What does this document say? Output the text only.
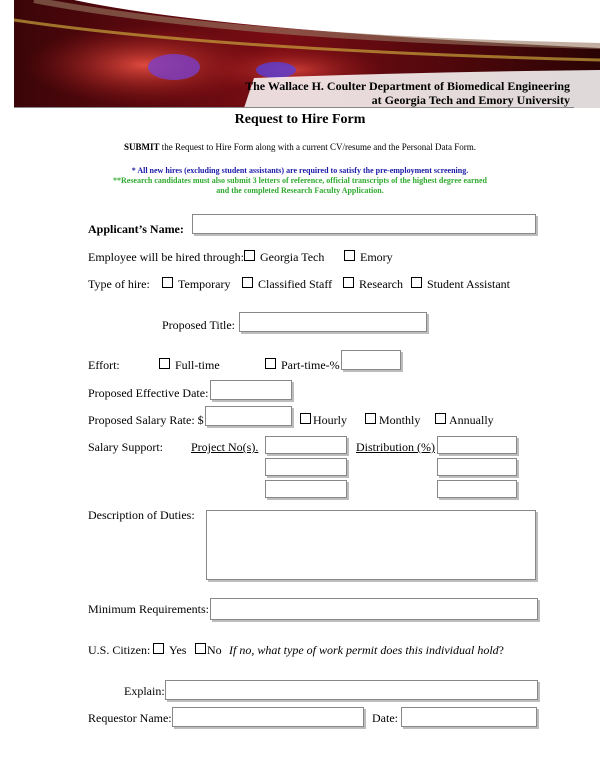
The Wallace H. Coulter Department of Biomedical Engineering
at Georgia Tech and Emory University
Request to Hire Form
SUBMIT the Request to Hire Form along with a current CV/resume and the Personal Data Form.
* All new hires (excluding student assistants) are required to satisfy the pre-employment screening.
**Research candidates must also submit 3 letters of reference, official transcripts of the highest degree earned
and the completed Research Faculty Application.
Applicant’s Name:
Employee will be hired through: Georgia Tech	Emory
Type of hire: Temporary Classified Staff Research Student Assistant
Proposed Title:
Effort:	Full-time	Part-time-%
Proposed Effective Date:
Proposed Salary Rate: $	Hourly	Monthly Annually
Salary Support: Project No(s).	Distribution (%)
Description of Duties:
Minimum Requirements:
U.S. Citizen: Yes No If no, what type of work permit does this individual hold?
Explain:
Requestor Name:	Date:
